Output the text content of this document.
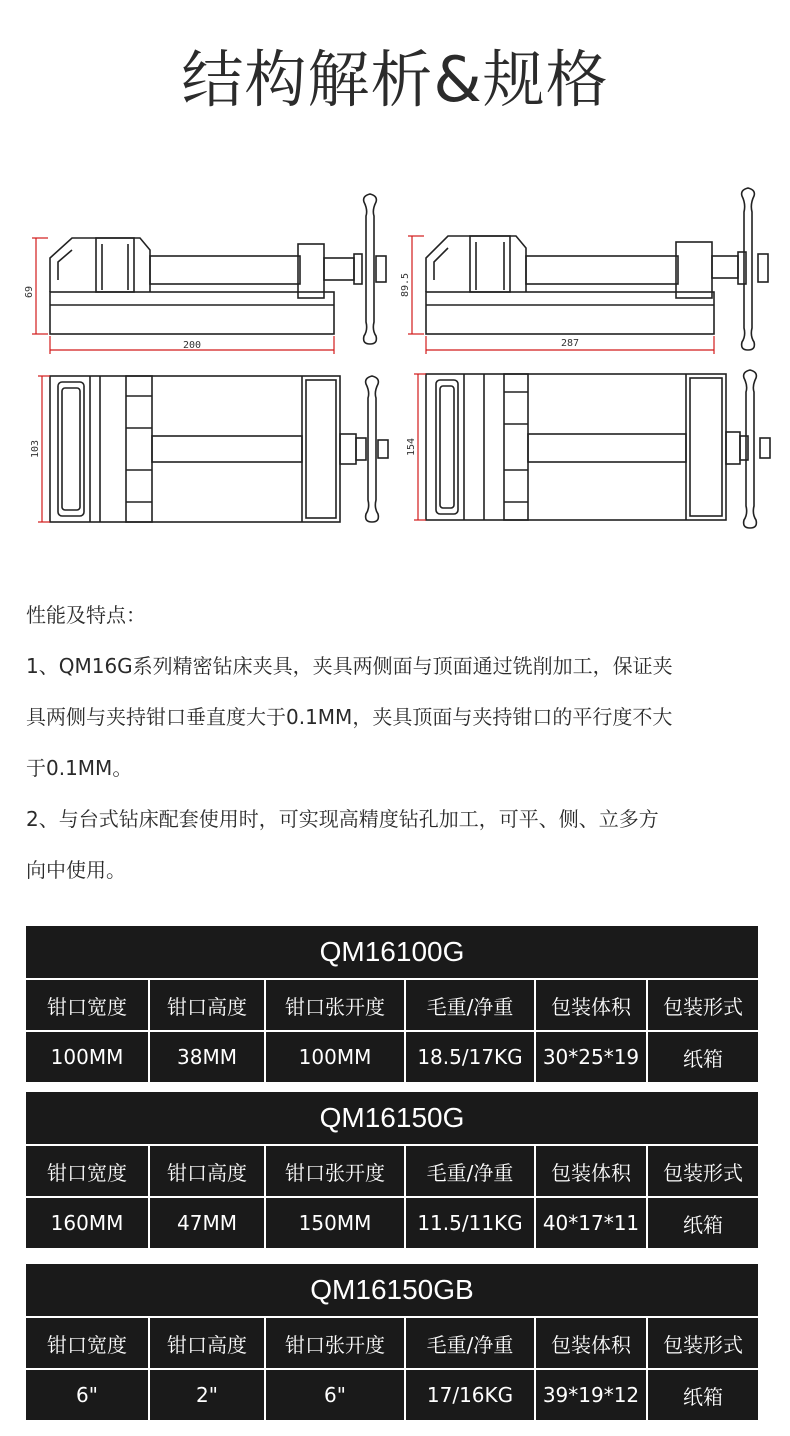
结构解析&规格
69
200
89.5
287
103	154

性能及特点：

1、QM16G系列精密钻床夹具，夹具两侧面与顶面通过铣削加工，保证夹

具两侧与夹持钳口垂直度大于0.1MM，夹具顶面与夹持钳口的平行度不大

于0.1MM。

2、与台式钻床配套使用时，可实现高精度钻孔加工，可平、侧、立多方

向中使用。

QM16100G
钳口宽度	钳口高度	钳口张开度	毛重/净重	包装体积	包装形式
100MM	38MM	100MM	18.5/17KG	30*25*19	纸箱
QM16150G
钳口宽度	钳口高度	钳口张开度	毛重/净重	包装体积	包装形式
160MM	47MM	150MM	11.5/11KG	40*17*11	纸箱
QM16150GB
钳口宽度	钳口高度	钳口张开度	毛重/净重	包装体积	包装形式
6"	2"	6"	17/16KG	39*19*12	纸箱
